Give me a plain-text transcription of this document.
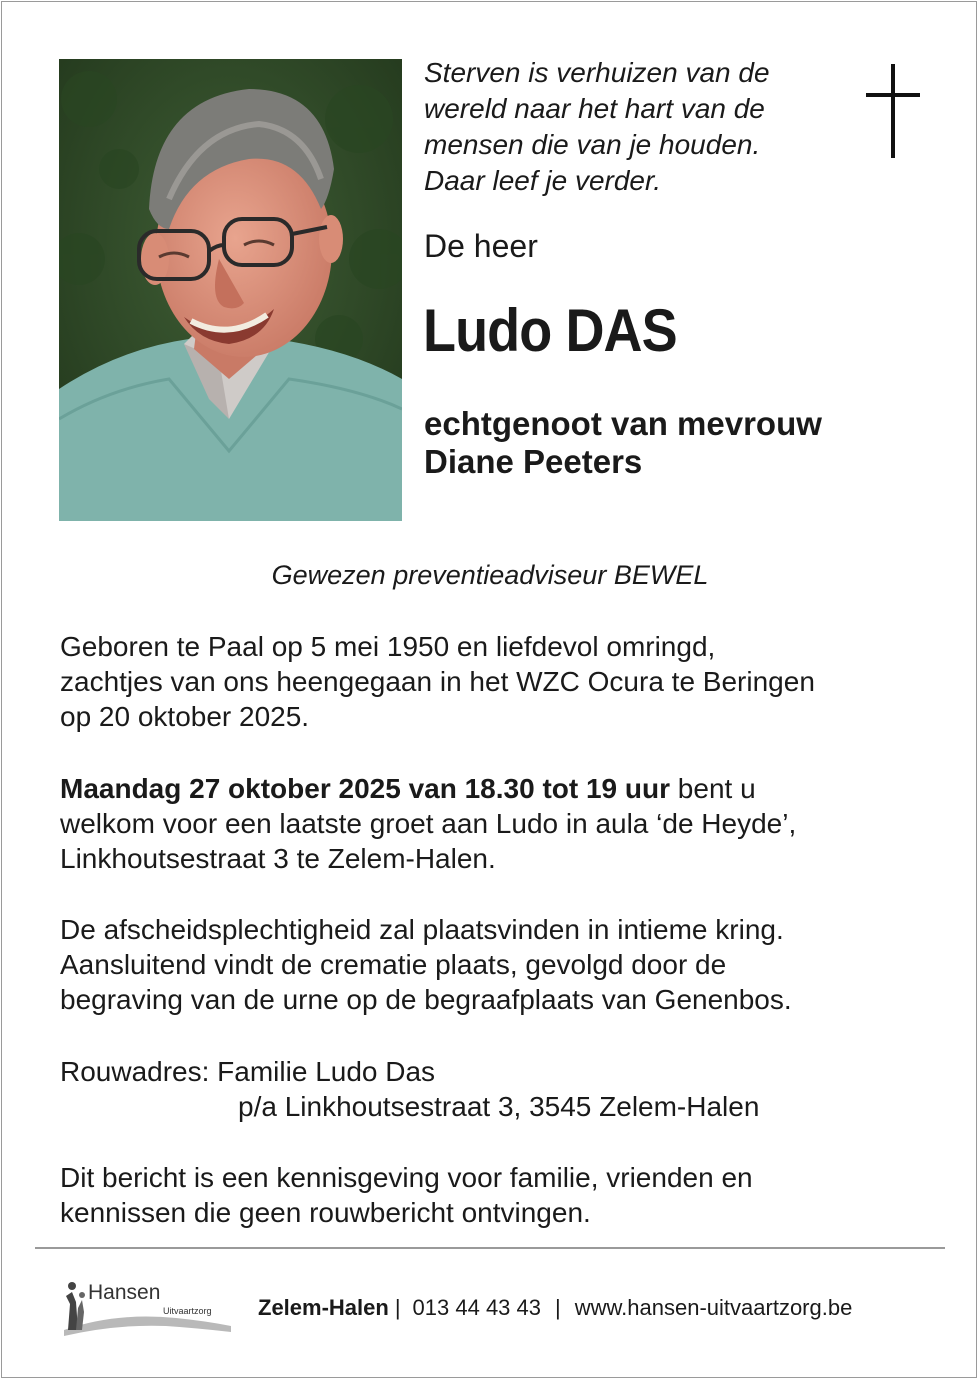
Sterven is verhuizen van de
wereld naar het hart van de
mensen die van je houden.
Daar leef je verder.
De heer
Ludo DAS
echtgenoot van mevrouw
Diane Peeters
Gewezen preventieadviseur BEWEL
Geboren te Paal op 5 mei 1950 en liefdevol omringd,
zachtjes van ons heengegaan in het WZC Ocura te Beringen
op 20 oktober 2025.
Maandag 27 oktober 2025 van 18.30 tot 19 uur bent u
welkom voor een laatste groet aan Ludo in aula ‘de Heyde’,
Linkhoutsestraat 3 te Zelem-Halen.
De afscheidsplechtigheid zal plaatsvinden in intieme kring.
Aansluitend vindt de crematie plaats, gevolgd door de
begraving van de urne op de begraafplaats van Genenbos.
Rouwadres: Familie Ludo Das
p/a Linkhoutsestraat 3, 3545 Zelem-Halen
Dit bericht is een kennisgeving voor familie, vrienden en
kennissen die geen rouwbericht ontvingen.
Hansen
Uitvaartzorg Zelem-Halen | 013 44 43 43 | www.hansen-uitvaartzorg.be
